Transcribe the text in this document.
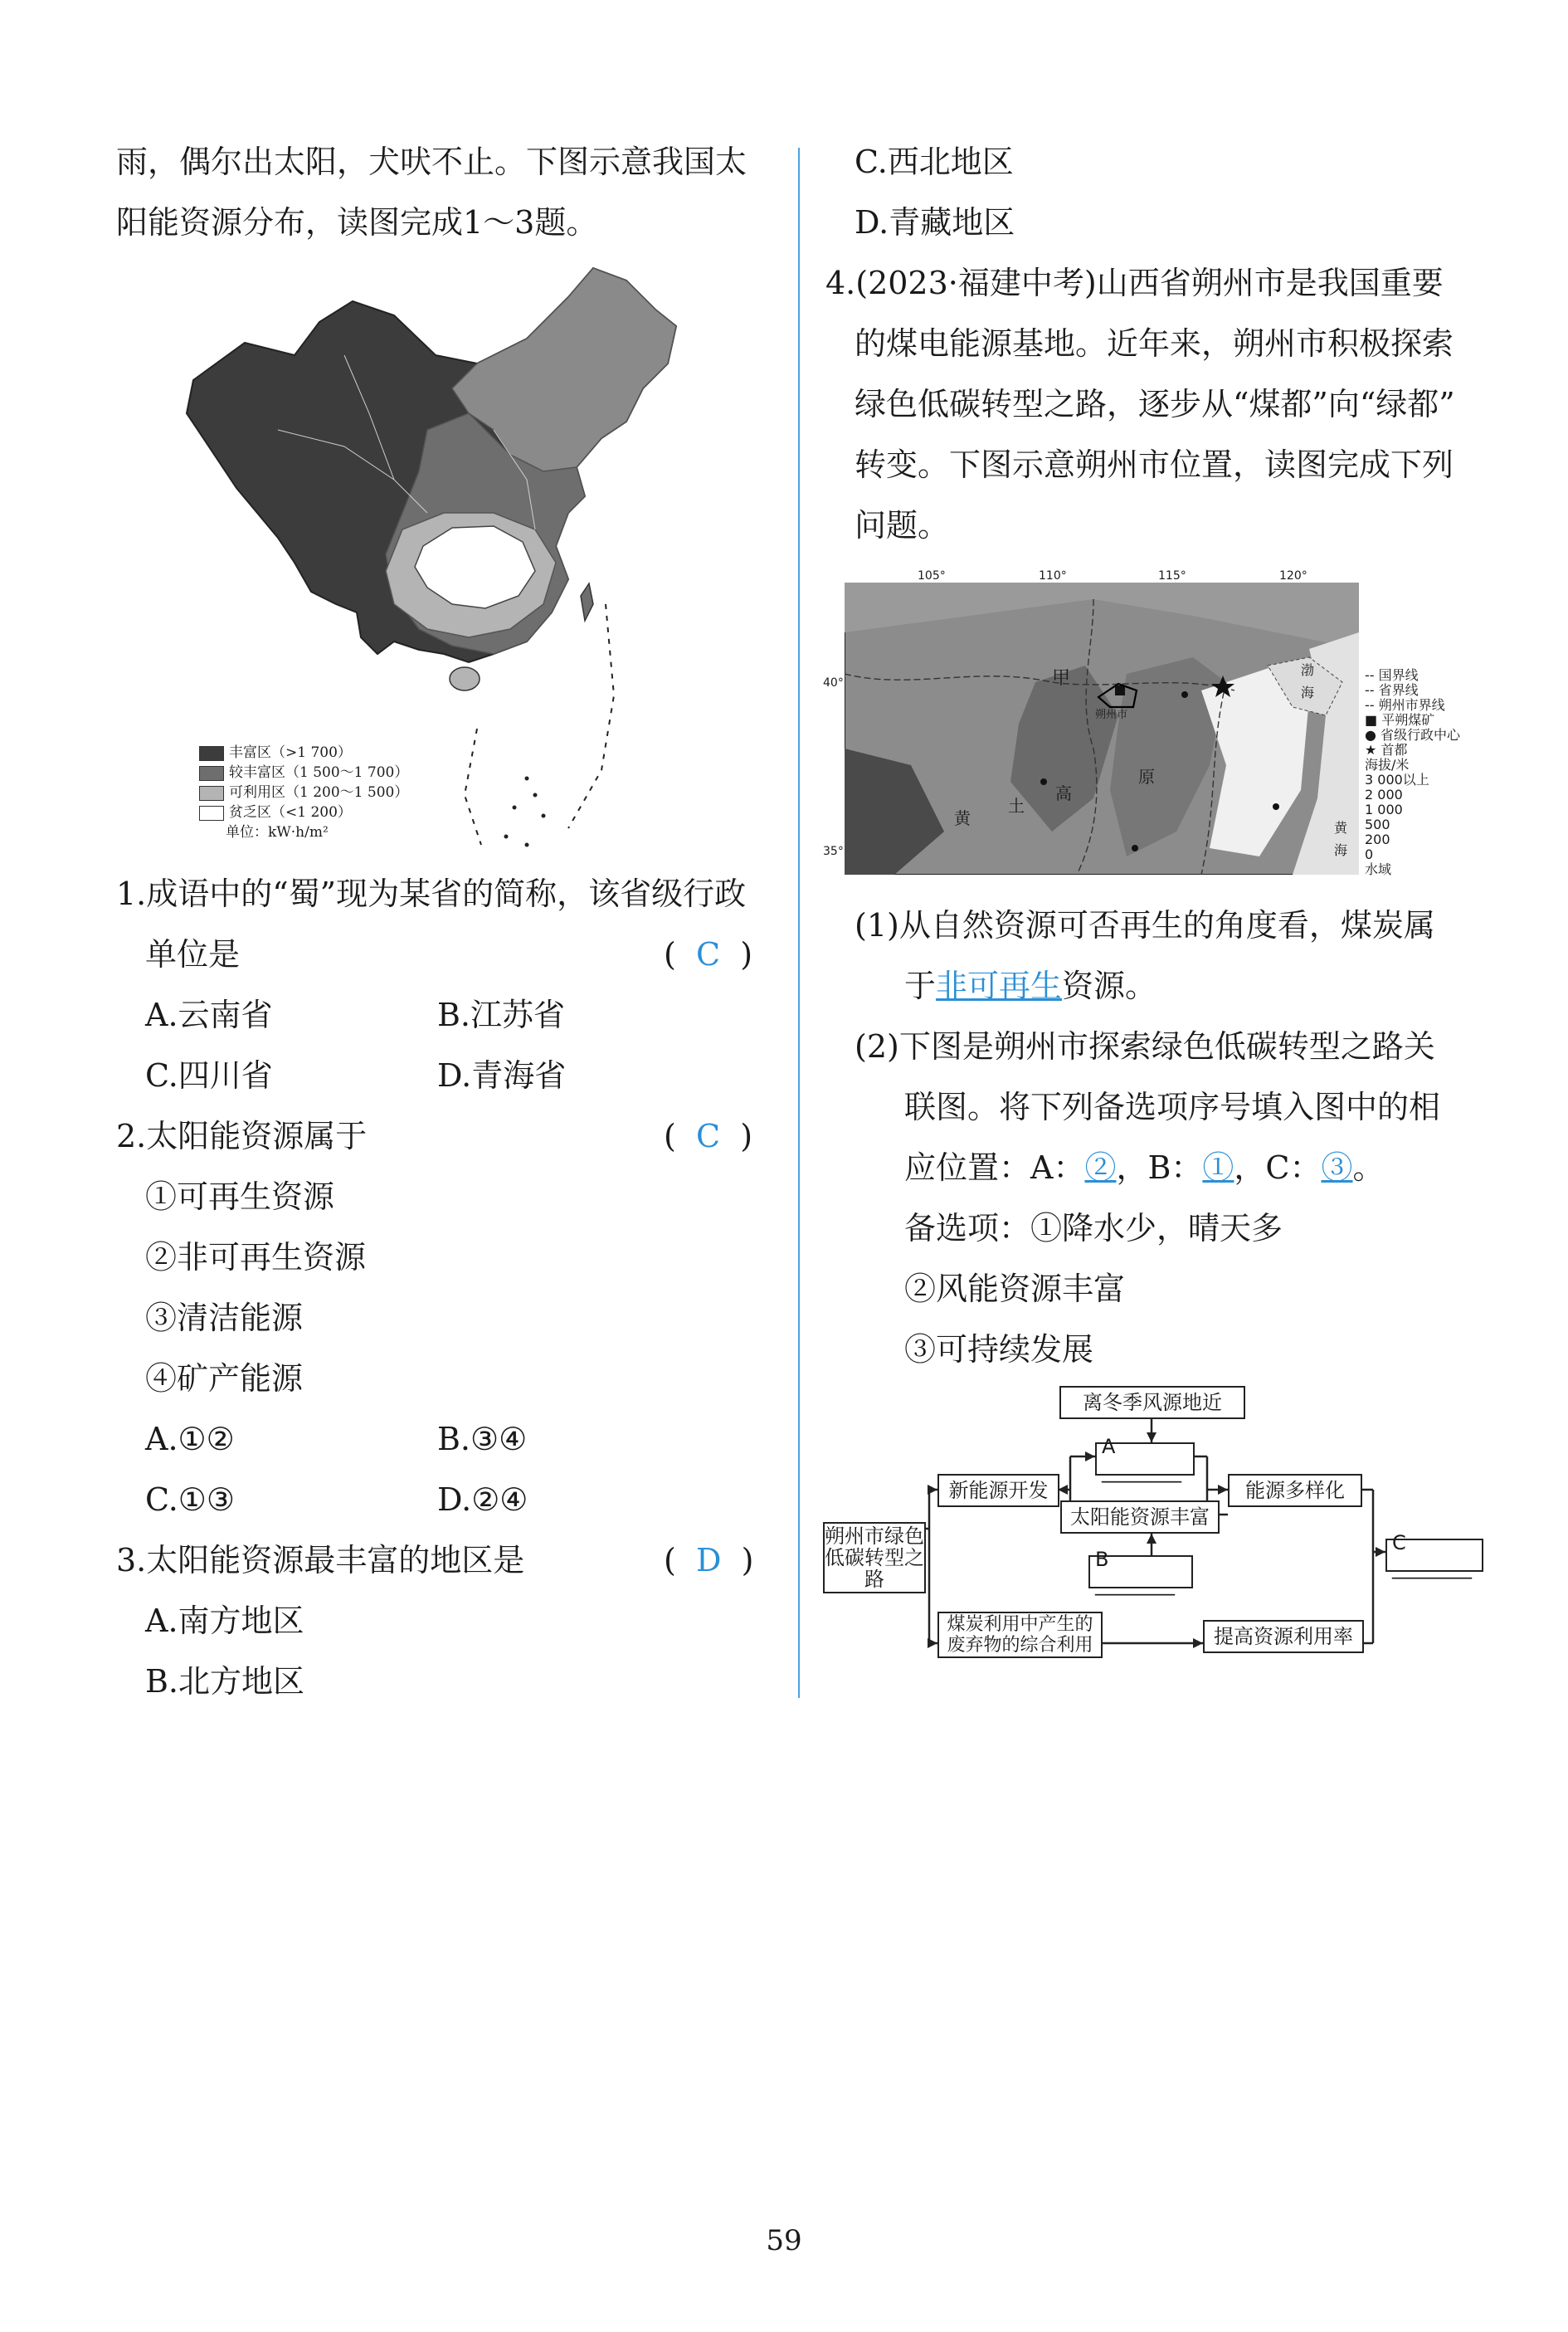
雨，偶尔出太阳，犬吠不止。下图示意我国太
阳能资源分布，读图完成1～3题。
丰富区（>1 700）
较丰富区（1 500～1 700）
可利用区（1 200～1 500）
贫乏区（<1 200）
单位：kW·h/m²
1.成语中的“蜀”现为某省的简称，该省级行政
单位是	(  C  )
A.云南省	B.江苏省
C.四川省	D.青海省
2.太阳能资源属于	(  C  )
①可再生资源
②非可再生资源
③清洁能源
④矿产能源
A.①②	B.③④
C.①③	D.②④
3.太阳能资源最丰富的地区是	(  D  )
A.南方地区
B.北方地区
C.西北地区
D.青藏地区
4.(2023·福建中考)山西省朔州市是我国重要
的煤电能源基地。近年来，朔州市积极探索
绿色低碳转型之路，逐步从“煤都”向“绿都”
转变。下图示意朔州市位置，读图完成下列
问题。
105°	110°	115°	120°
40°
35°
甲
朔州市
高
原
黄
土
渤
海
黄
海
-- 国界线
-- 省界线
-- 朔州市界线
■ 平朔煤矿
● 省级行政中心
★ 首都
海拔/米
3 000以上
2 000
1 000
500
200
0
水域
(1)从自然资源可否再生的角度看，煤炭属
于非可再生资源。
(2)下图是朔州市探索绿色低碳转型之路关
联图。将下列备选项序号填入图中的相
应位置：A：②，B：①，C：③。
备选项：①降水少，晴天多
②风能资源丰富
③可持续发展
离冬季风源地近
A ________
新能源开发
太阳能资源丰富
能源多样化
B ________
朔州市绿色低碳转型之路
C ________
煤炭利用中产生的废弃物的综合利用	提高资源利用率
59
